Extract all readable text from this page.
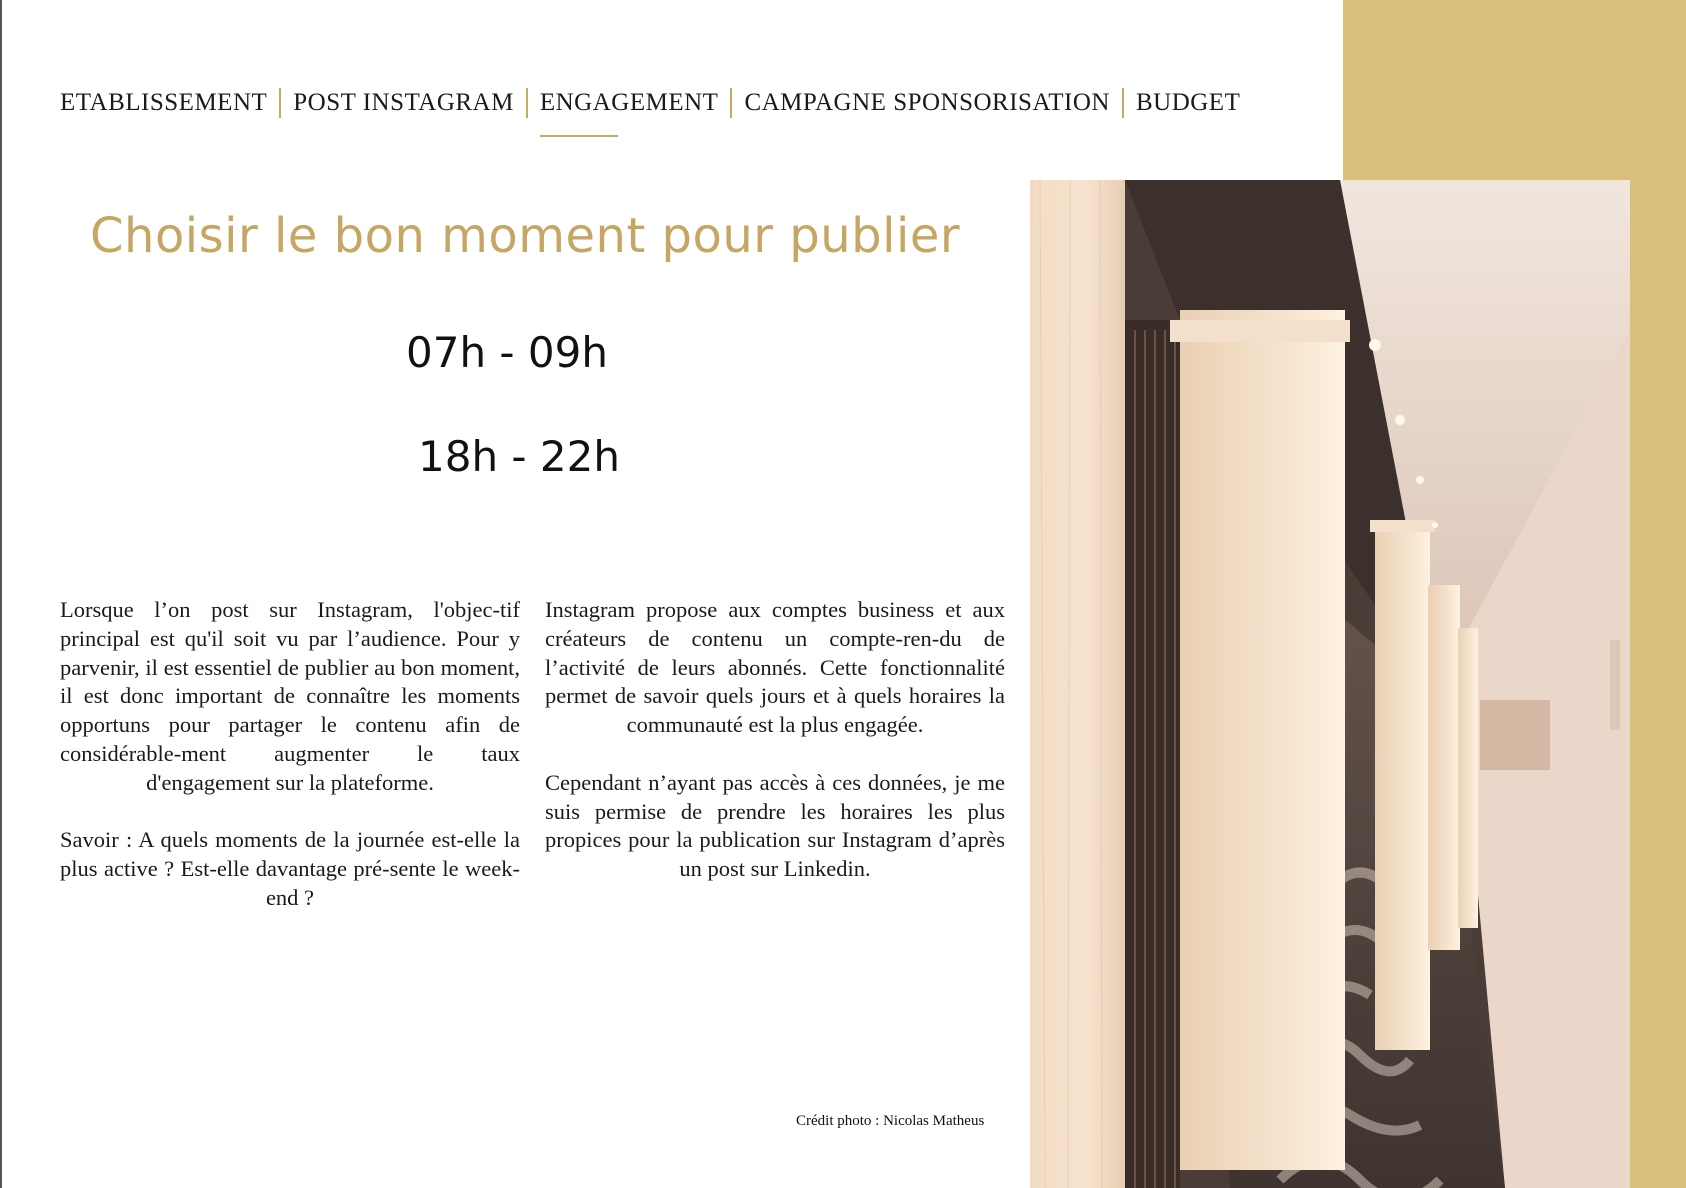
ETABLISSEMENT	POST INSTAGRAM	ENGAGEMENT	CAMPAGNE SPONSORISATION	BUDGET
Choisir le bon moment pour publier
07h - 09h
18h - 22h

Lorsque l’on post sur Instagram, l'objec-tif principal est qu'il soit vu par l’audience. Pour y parvenir, il est essentiel de publier au bon moment, il est donc important de connaître les moments opportuns pour partager le contenu afin de considérable-ment augmenter le taux d'engagement sur la plateforme.

Savoir : A quels moments de la journée est-elle la plus active ? Est-elle davantage pré-sente le week-end ?

Instagram propose aux comptes business et aux créateurs de contenu un compte-ren-du de l’activité de leurs abonnés. Cette fonctionnalité permet de savoir quels jours et à quels horaires la communauté est la plus engagée.

Cependant n’ayant pas accès à ces données, je me suis permise de prendre les horaires les plus propices pour la publication sur Instagram d’après un post sur Linkedin.

Crédit photo : Nicolas Matheus
